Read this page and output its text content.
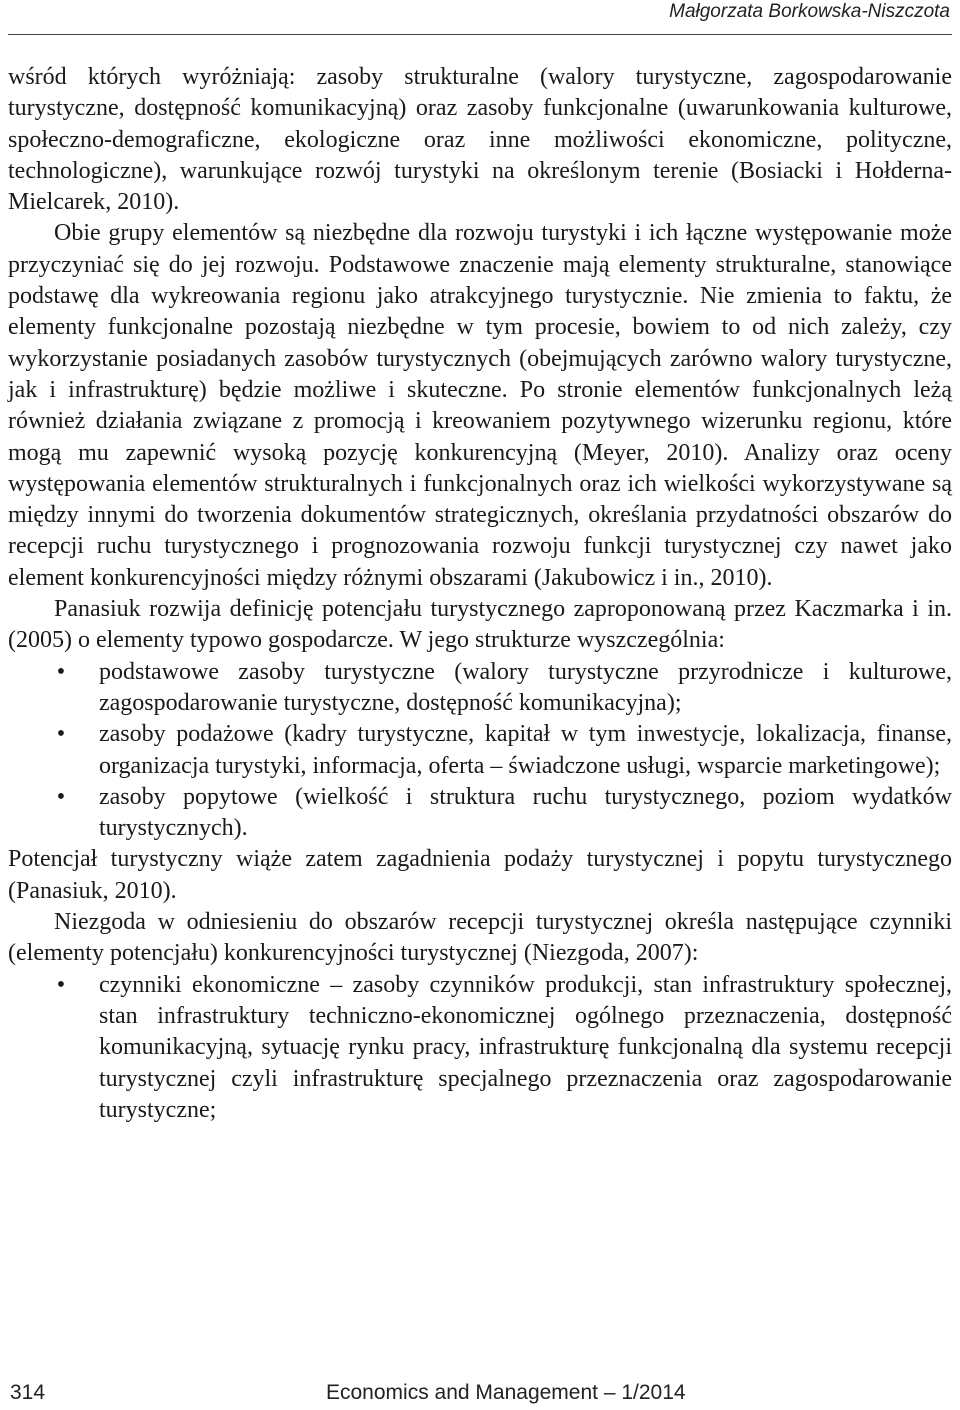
Małgorzata Borkowska-Niszczota

wśród których wyróżniają: zasoby strukturalne (walory turystyczne, zagospodarowanie turystyczne, dostępność komunikacyjną) oraz zasoby funkcjonalne (uwarunkowania kulturowe, społeczno-demograficzne, ekologiczne oraz inne możliwości ekonomiczne, polityczne, technologiczne), warunkujące rozwój turystyki na określonym terenie (Bosiacki i Hołderna-Mielcarek, 2010).

Obie grupy elementów są niezbędne dla rozwoju turystyki i ich łączne występowanie może przyczyniać się do jej rozwoju. Podstawowe znaczenie mają elementy strukturalne, stanowiące podstawę dla wykreowania regionu jako atrakcyjnego turystycznie. Nie zmienia to faktu, że elementy funkcjonalne pozostają niezbędne w tym procesie, bowiem to od nich zależy, czy wykorzystanie posiadanych zasobów turystycznych (obejmujących zarówno walory turystyczne, jak i infrastrukturę) będzie możliwe i skuteczne. Po stronie elementów funkcjonalnych leżą również działania związane z promocją i kreowaniem pozytywnego wizerunku regionu, które mogą mu zapewnić wysoką pozycję konkurencyjną (Meyer, 2010). Analizy oraz oceny występowania elementów strukturalnych i funkcjonalnych oraz ich wielkości wykorzystywane są między innymi do tworzenia dokumentów strategicznych, określania przydatności obszarów do recepcji ruchu turystycznego i prognozowania rozwoju funkcji turystycznej czy nawet jako element konkurencyjności między różnymi obszarami (Jakubowicz i in., 2010).

Panasiuk rozwija definicję potencjału turystycznego zaproponowaną przez Kaczmarka i in. (2005) o elementy typowo gospodarcze. W jego strukturze wyszczególnia:

• podstawowe zasoby turystyczne (walory turystyczne przyrodnicze i kulturowe, zagospodarowanie turystyczne, dostępność komunikacyjna);
• zasoby podażowe (kadry turystyczne, kapitał w tym inwestycje, lokalizacja, finanse, organizacja turystyki, informacja, oferta – świadczone usługi, wsparcie marketingowe);
• zasoby popytowe (wielkość i struktura ruchu turystycznego, poziom wydatków turystycznych).

Potencjał turystyczny wiąże zatem zagadnienia podaży turystycznej i popytu turystycznego (Panasiuk, 2010).

Niezgoda w odniesieniu do obszarów recepcji turystycznej określa następujące czynniki (elementy potencjału) konkurencyjności turystycznej (Niezgoda, 2007):

• czynniki ekonomiczne – zasoby czynników produkcji, stan infrastruktury społecznej, stan infrastruktury techniczno-ekonomicznej ogólnego przeznaczenia, dostępność komunikacyjną, sytuację rynku pracy, infrastrukturę funkcjonalną dla systemu recepcji turystycznej czyli infrastrukturę specjalnego przeznaczenia oraz zagospodarowanie turystyczne;
314	Economics and Management – 1/2014
